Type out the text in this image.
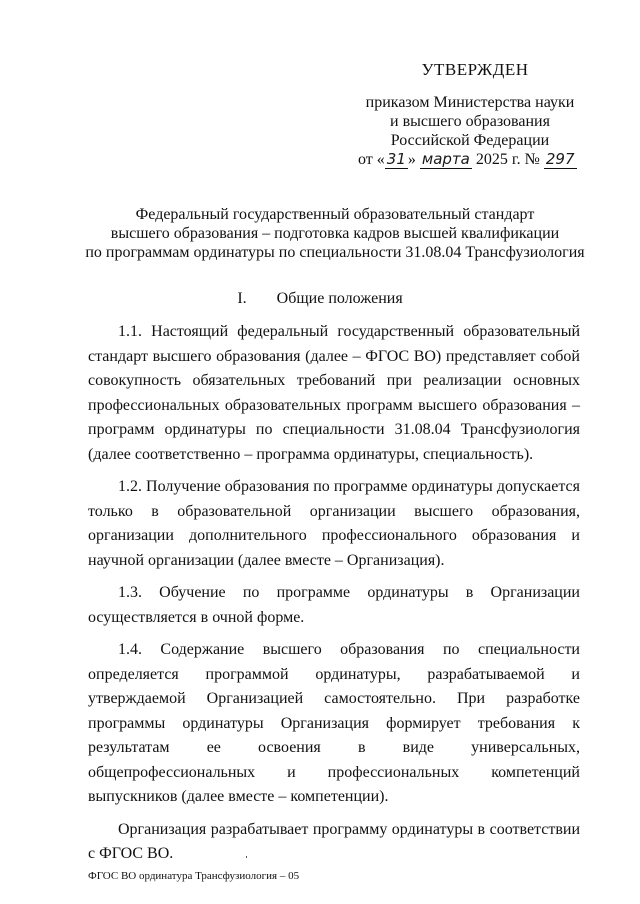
УТВЕРЖДЕН
приказом Министерства науки
и высшего образования
Российской Федерации
от « 31 » марта 2025 г. № 297
Федеральный государственный образовательный стандарт
высшего образования – подготовка кадров высшей квалификации
по программам ординатуры по специальности 31.08.04 Трансфузиология
I. Общие положения

1.1. Настоящий федеральный государственный образовательный стандарт высшего образования (далее – ФГОС ВО) представляет собой совокупность обязательных требований при реализации основных профессиональных образовательных программ высшего образования – программ ординатуры по специальности 31.08.04 Трансфузиология (далее соответственно – программа ординатуры, специальность).

1.2. Получение образования по программе ординатуры допускается только в образовательной организации высшего образования, организации дополнительного профессионального образования и научной организации (далее вместе – Организация).

1.3. Обучение по программе ординатуры в Организации осуществляется в очной форме.

1.4. Содержание высшего образования по специальности определяется программой ординатуры, разрабатываемой и утверждаемой Организацией самостоятельно. При разработке программы ординатуры Организация формирует требования к результатам ее освоения в виде универсальных, общепрофессиональных и профессиональных компетенций выпускников (далее вместе – компетенции).

Организация разрабатывает программу ординатуры в соответствии с ФГОС ВО.

ФГОС ВО ординатура Трансфузиология – 05
